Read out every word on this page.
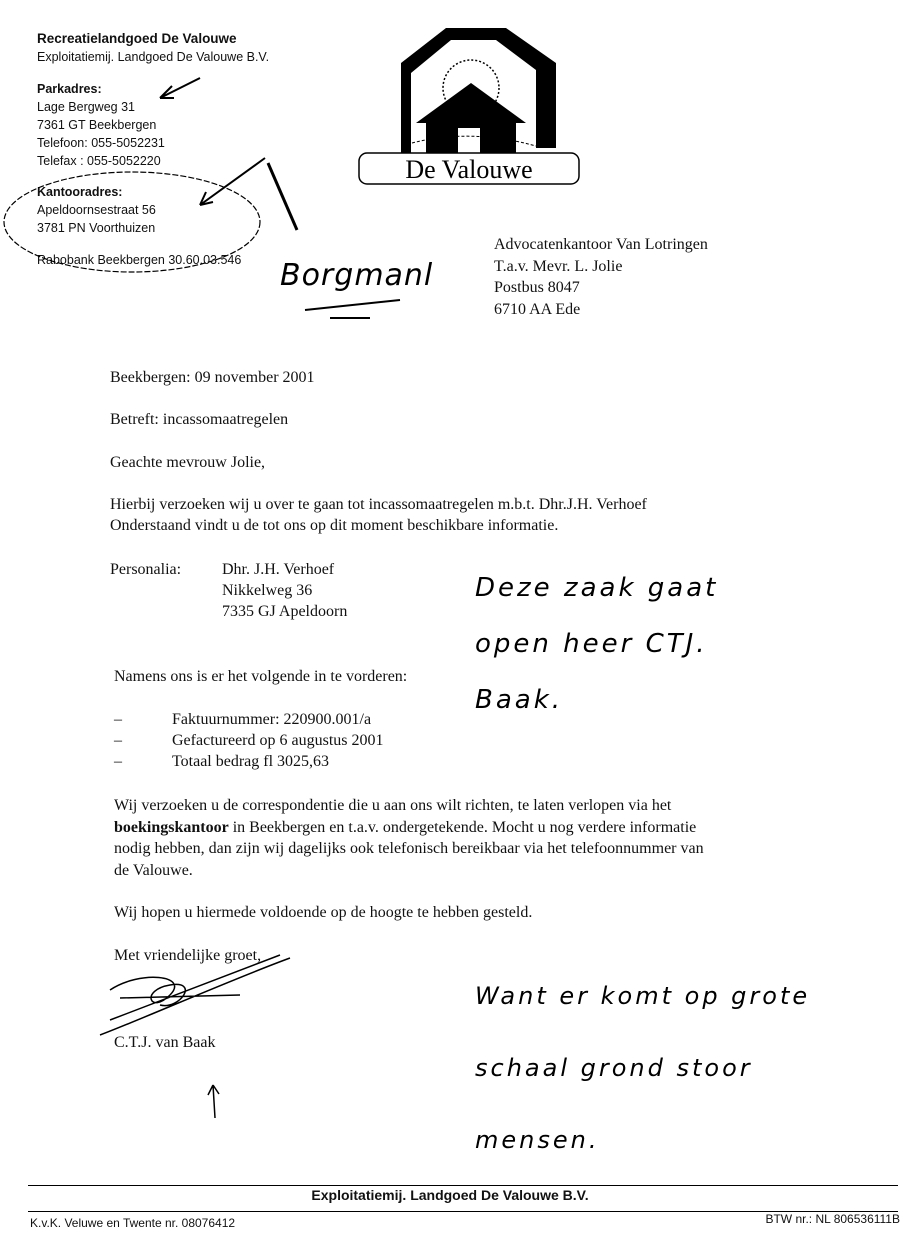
Recreatielandgoed De Valouwe
Exploitatiemij. Landgoed De Valouwe B.V.
Parkadres:
Lage Bergweg 31
7361 GT Beekbergen
Telefoon: 055-5052231
Telefax : 055-5052220
Kantooradres:
Apeldoornsestraat 56
3781 PN Voorthuizen
Rabobank Beekbergen 30.60.03.546	Borgmanl
De Valouwe
Advocatenkantoor Van Lotringen
T.a.v. Mevr. L. Jolie
Postbus 8047
6710 AA Ede
Beekbergen: 09 november 2001
Betreft: incassomaatregelen
Geachte mevrouw Jolie,
Hierbij verzoeken wij u over te gaan tot incassomaatregelen m.b.t. Dhr.J.H. Verhoef
Onderstaand vindt u de tot ons op dit moment beschikbare informatie.
Personalia:	Dhr. J.H. Verhoef
Nikkelweg 36
7335 GJ Apeldoorn
Namens ons is er het volgende in te vorderen:
–	Faktuurnummer: 220900.001/a
–	Gefactureerd op 6 augustus 2001
–	Totaal bedrag fl 3025,63
Wij verzoeken u de correspondentie die u aan ons wilt richten, te laten verlopen via het
boekingskantoor in Beekbergen en t.a.v. ondergetekende. Mocht u nog verdere informatie
nodig hebben, dan zijn wij dagelijks ook telefonisch bereikbaar via het telefoonnummer van
de Valouwe.
Wij hopen u hiermede voldoende op de hoogte te hebben gesteld.
Met vriendelijke groet,
C.T.J. van Baak
Deze zaak gaat
open heer CTJ.
Baak.
Want er komt op grote
schaal grond stoor
mensen.
Exploitatiemij. Landgoed De Valouwe B.V.
K.v.K. Veluwe en Twente nr. 08076412	BTW nr.: NL 806536111B
